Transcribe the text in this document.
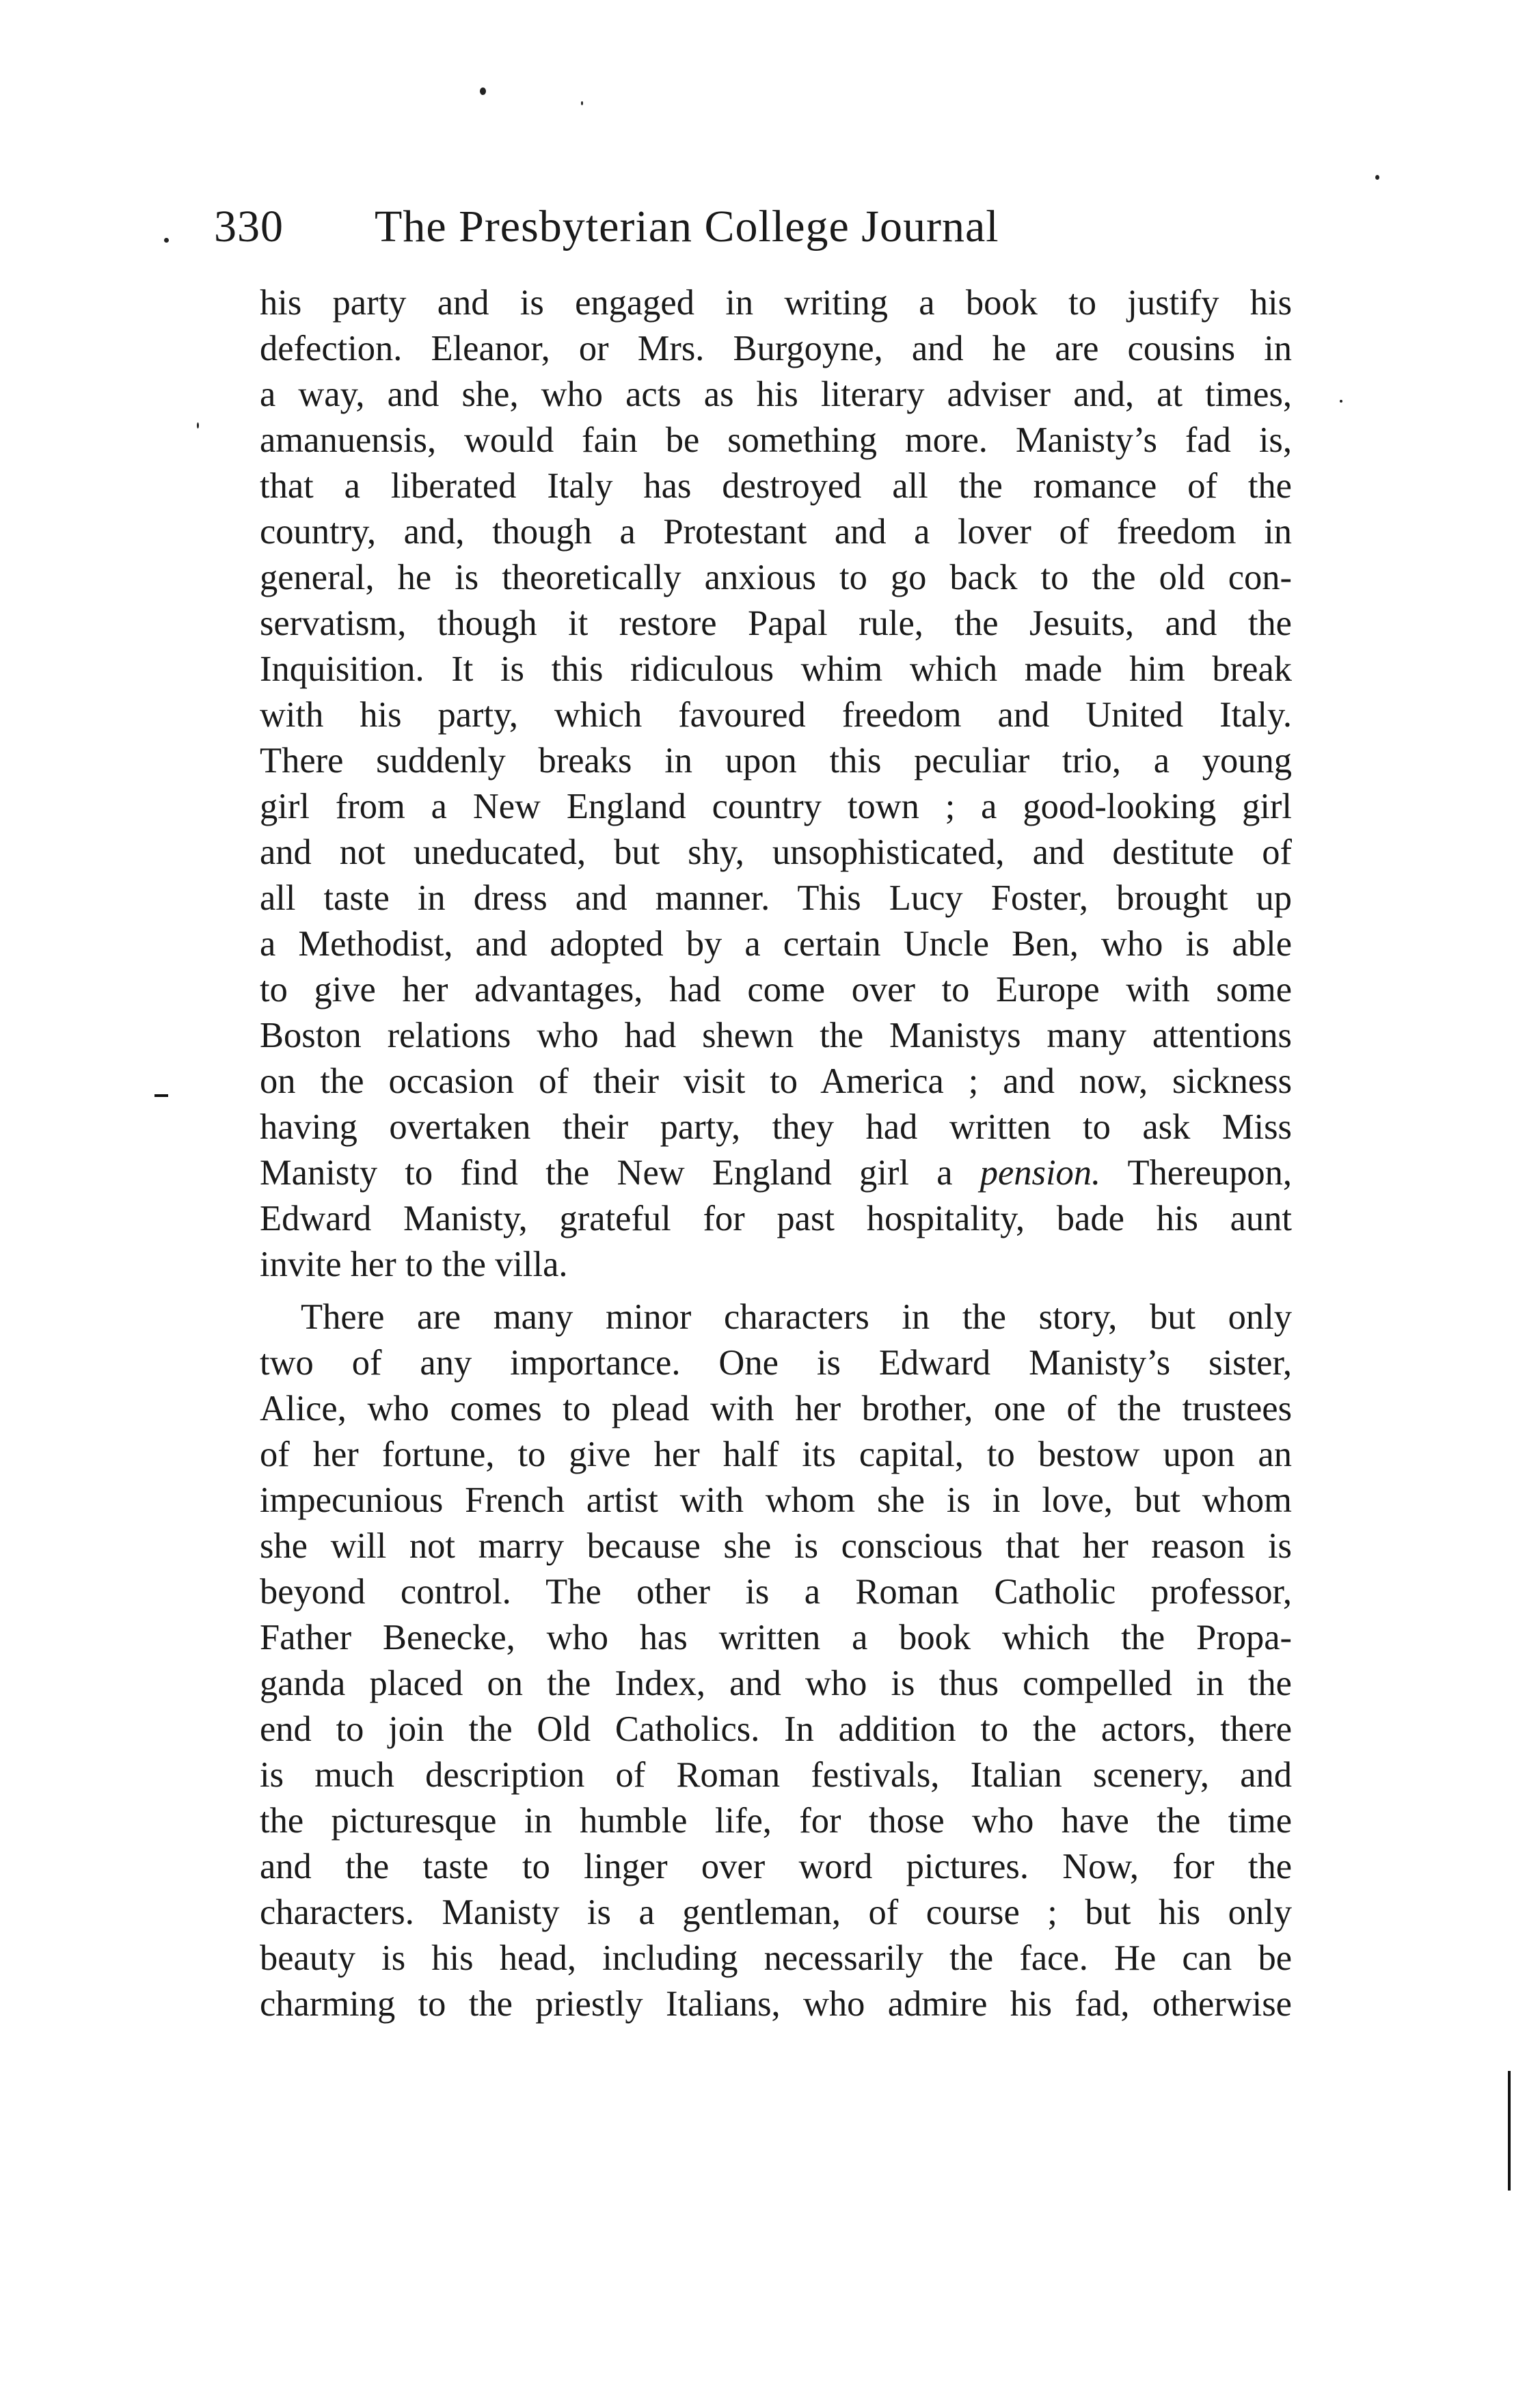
330 The Presbyterian College Journal
his party and is engaged in writing a book to justify his
defection. Eleanor, or Mrs. Burgoyne, and he are cousins in
a way, and she, who acts as his literary adviser and, at times,
amanuensis, would fain be something more. Manisty’s fad is,
that a liberated Italy has destroyed all the romance of the
country, and, though a Protestant and a lover of freedom in
general, he is theoretically anxious to go back to the old con-
servatism, though it restore Papal rule, the Jesuits, and the
Inquisition. It is this ridiculous whim which made him break
with his party, which favoured freedom and United Italy.
There suddenly breaks in upon this peculiar trio, a young
girl from a New England country town ; a good-looking girl
and not uneducated, but shy, unsophisticated, and destitute of
all taste in dress and manner. This Lucy Foster, brought up
a Methodist, and adopted by a certain Uncle Ben, who is able
to give her advantages, had come over to Europe with some
Boston relations who had shewn the Manistys many attentions
on the occasion of their visit to America ; and now, sickness
having overtaken their party, they had written to ask Miss
Manisty to find the New England girl a pension. Thereupon,
Edward Manisty, grateful for past hospitality, bade his aunt
invite her to the villa.
There are many minor characters in the story, but only
two of any importance. One is Edward Manisty’s sister,
Alice, who comes to plead with her brother, one of the trustees
of her fortune, to give her half its capital, to bestow upon an
impecunious French artist with whom she is in love, but whom
she will not marry because she is conscious that her reason is
beyond control. The other is a Roman Catholic professor,
Father Benecke, who has written a book which the Propa-
ganda placed on the Index, and who is thus compelled in the
end to join the Old Catholics. In addition to the actors, there
is much description of Roman festivals, Italian scenery, and
the picturesque in humble life, for those who have the time
and the taste to linger over word pictures. Now, for the
characters. Manisty is a gentleman, of course ; but his only
beauty is his head, including necessarily the face. He can be
charming to the priestly Italians, who admire his fad, otherwise
